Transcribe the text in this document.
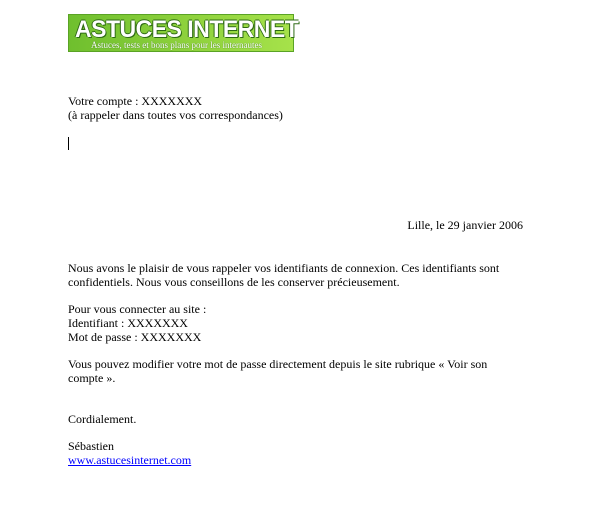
ASTUCES INTERNET
Astuces, tests et bons plans pour les internautes
Votre compte : XXXXXXX
(à rappeler dans toutes vos correspondances)
Lille, le 29 janvier 2006
Nous avons le plaisir de vous rappeler vos identifiants de connexion. Ces identifiants sont
confidentiels. Nous vous conseillons de les conserver précieusement.
Pour vous connecter au site :
Identifiant : XXXXXXX
Mot de passe : XXXXXXX
Vous pouvez modifier votre mot de passe directement depuis le site rubrique « Voir son
compte ».
Cordialement.
Sébastien
www.astucesinternet.com
